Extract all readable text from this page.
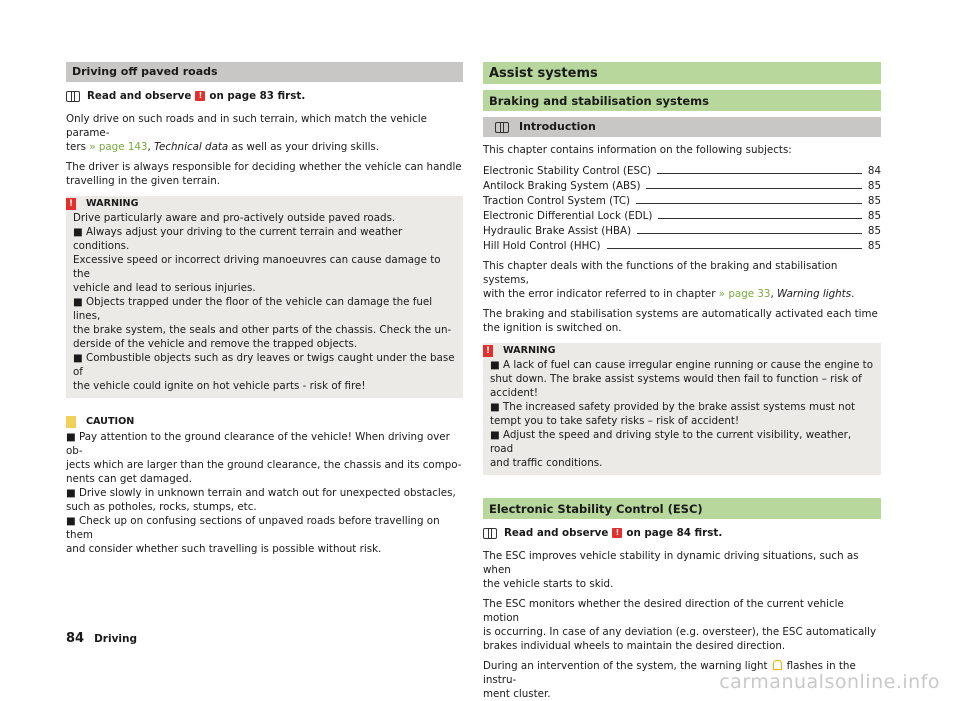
Driving off paved roads
Read and observe ! on page 83 first.

Only drive on such roads and in such terrain, which match the vehicle parame-
ters » page 143, Technical data as well as your driving skills.

The driver is always responsible for deciding whether the vehicle can handle
travelling in the given terrain.

!	WARNING
Drive particularly aware and pro-actively outside paved roads.
■ Always adjust your driving to the current terrain and weather conditions.
Excessive speed or incorrect driving manoeuvres can cause damage to the
vehicle and lead to serious injuries.
■ Objects trapped under the floor of the vehicle can damage the fuel lines,
the brake system, the seals and other parts of the chassis. Check the un-
derside of the vehicle and remove the trapped objects.
■ Combustible objects such as dry leaves or twigs caught under the base of
the vehicle could ignite on hot vehicle parts - risk of fire!
CAUTION
■ Pay attention to the ground clearance of the vehicle! When driving over ob-
jects which are larger than the ground clearance, the chassis and its compo-
nents can get damaged.
■ Drive slowly in unknown terrain and watch out for unexpected obstacles,
such as potholes, rocks, stumps, etc.
■ Check up on confusing sections of unpaved roads before travelling on them
and consider whether such travelling is possible without risk.
Assist systems
Braking and stabilisation systems
Introduction

This chapter contains information on the following subjects:

Electronic Stability Control (ESC)	84
Antilock Braking System (ABS)	85
Traction Control System (TC)	85
Electronic Differential Lock (EDL)	85
Hydraulic Brake Assist (HBA)	85
Hill Hold Control (HHC)	85

This chapter deals with the functions of the braking and stabilisation systems,
with the error indicator referred to in chapter » page 33, Warning lights.

The braking and stabilisation systems are automatically activated each time
the ignition is switched on.

!	WARNING
■ A lack of fuel can cause irregular engine running or cause the engine to
shut down. The brake assist systems would then fail to function – risk of
accident!
■ The increased safety provided by the brake assist systems must not
tempt you to take safety risks – risk of accident!
■ Adjust the speed and driving style to the current visibility, weather, road
and traffic conditions.
Electronic Stability Control (ESC)
Read and observe ! on page 84 first.

The ESC improves vehicle stability in dynamic driving situations, such as when
the vehicle starts to skid.

The ESC monitors whether the desired direction of the current vehicle motion
is occurring. In case of any deviation (e.g. oversteer), the ESC automatically
brakes individual wheels to maintain the desired direction.

During an intervention of the system, the warning light flashes in the instru-
ment cluster.

84 Driving
carmanualsonline.info
